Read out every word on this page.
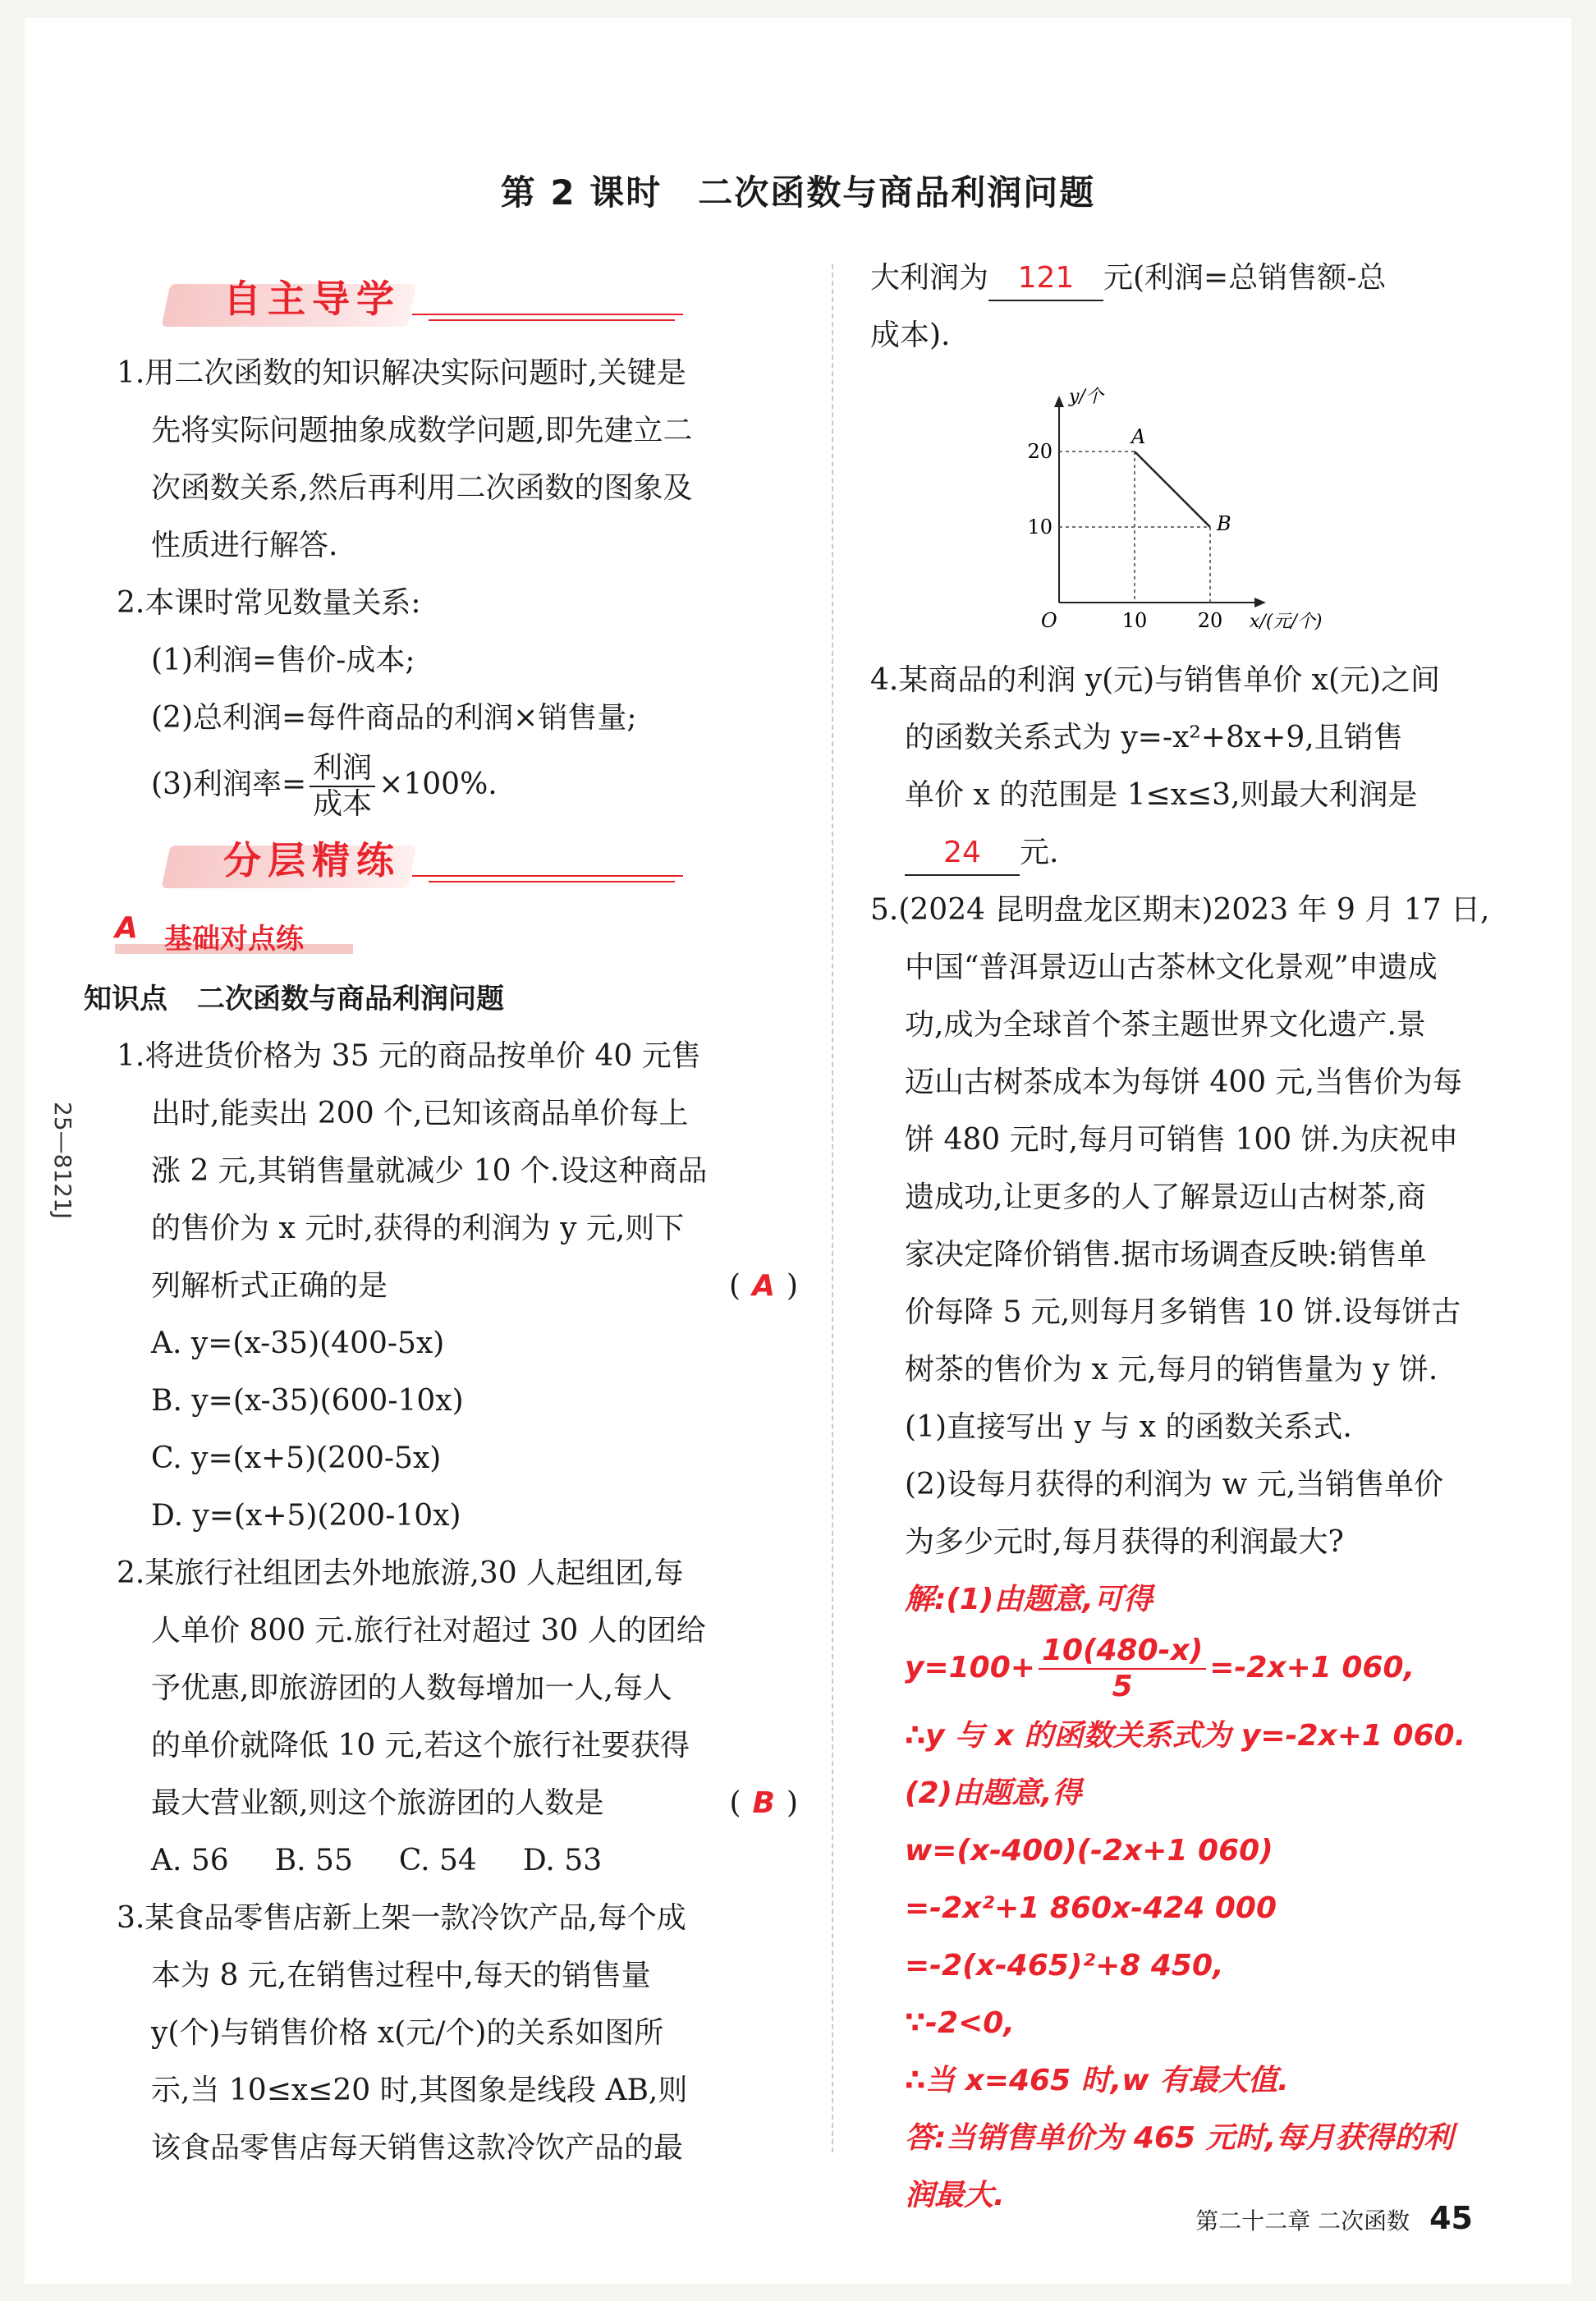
第 2 课时 二次函数与商品利润问题
25—8121J
自主导学
1.用二次函数的知识解决实际问题时,关键是
先将实际问题抽象成数学问题,即先建立二
次函数关系,然后再利用二次函数的图象及
性质进行解答.
2.本课时常见数量关系:
(1)利润=售价-成本;
(2)总利润=每件商品的利润×销售量;
(3)利润率= $\frac{\text{利润}}{\text{成本}} \times 100\%$.
分层精练
A 基础对点练
知识点 二次函数与商品利润问题
1.将进货价格为 35 元的商品按单价 40 元售
出时,能卖出 200 个,已知该商品单价每上
涨 2 元,其销售量就减少 10 个.设这种商品
的售价为 x 元时,获得的利润为 y 元,则下
列解析式正确的是	( A )
A. y=(x-35)(400-5x)
B. y=(x-35)(600-10x)
C. y=(x+5)(200-5x)
D. y=(x+5)(200-10x)
2.某旅行社组团去外地旅游,30 人起组团,每
人单价 800 元.旅行社对超过 30 人的团给
予优惠,即旅游团的人数每增加一人,每人
的单价就降低 10 元,若这个旅行社要获得
最大营业额,则这个旅游团的人数是	( B )
A. 56 B. 55 C. 54 D. 53
3.某食品零售店新上架一款冷饮产品,每个成
本为 8 元,在销售过程中,每天的销售量
y(个)与销售价格 x(元/个)的关系如图所
示,当 10≤x≤20 时,其图象是线段 AB,则
该食品零售店每天销售这款冷饮产品的最
大利润为 121 元(利润=总销售额-总
成本).
y/个
x/(元/个)
O
20
10
10	20
A
B
4.某商品的利润 y(元)与销售单价 x(元)之间
的函数关系式为 y=-x²+8x+9,且销售
单价 x 的范围是 1≤x≤3,则最大利润是
24 元.
5.(2024 昆明盘龙区期末)2023 年 9 月 17 日,
中国“普洱景迈山古茶林文化景观”申遗成
功,成为全球首个茶主题世界文化遗产.景
迈山古树茶成本为每饼 400 元,当售价为每
饼 480 元时,每月可销售 100 饼.为庆祝申
遗成功,让更多的人了解景迈山古树茶,商
家决定降价销售.据市场调查反映:销售单
价每降 5 元,则每月多销售 10 饼.设每饼古
树茶的售价为 x 元,每月的销售量为 y 饼.
(1)直接写出 y 与 x 的函数关系式.
(2)设每月获得的利润为 w 元,当销售单价
为多少元时,每月获得的利润最大?
解:(1)由题意,可得
$y=100+ \frac{10(480-x)}{5} =-2x+1$ 060,
∴y 与 x 的函数关系式为 y=-2x+1 060.
(2)由题意,得
w=(x-400)(-2x+1 060)
=-2x²+1 860x-424 000
=-2(x-465)²+8 450,
∵-2<0,
∴当 x=465 时,w 有最大值.
答:当销售单价为 465 元时,每月获得的利
润最大.
第二十二章 二次函数 45
